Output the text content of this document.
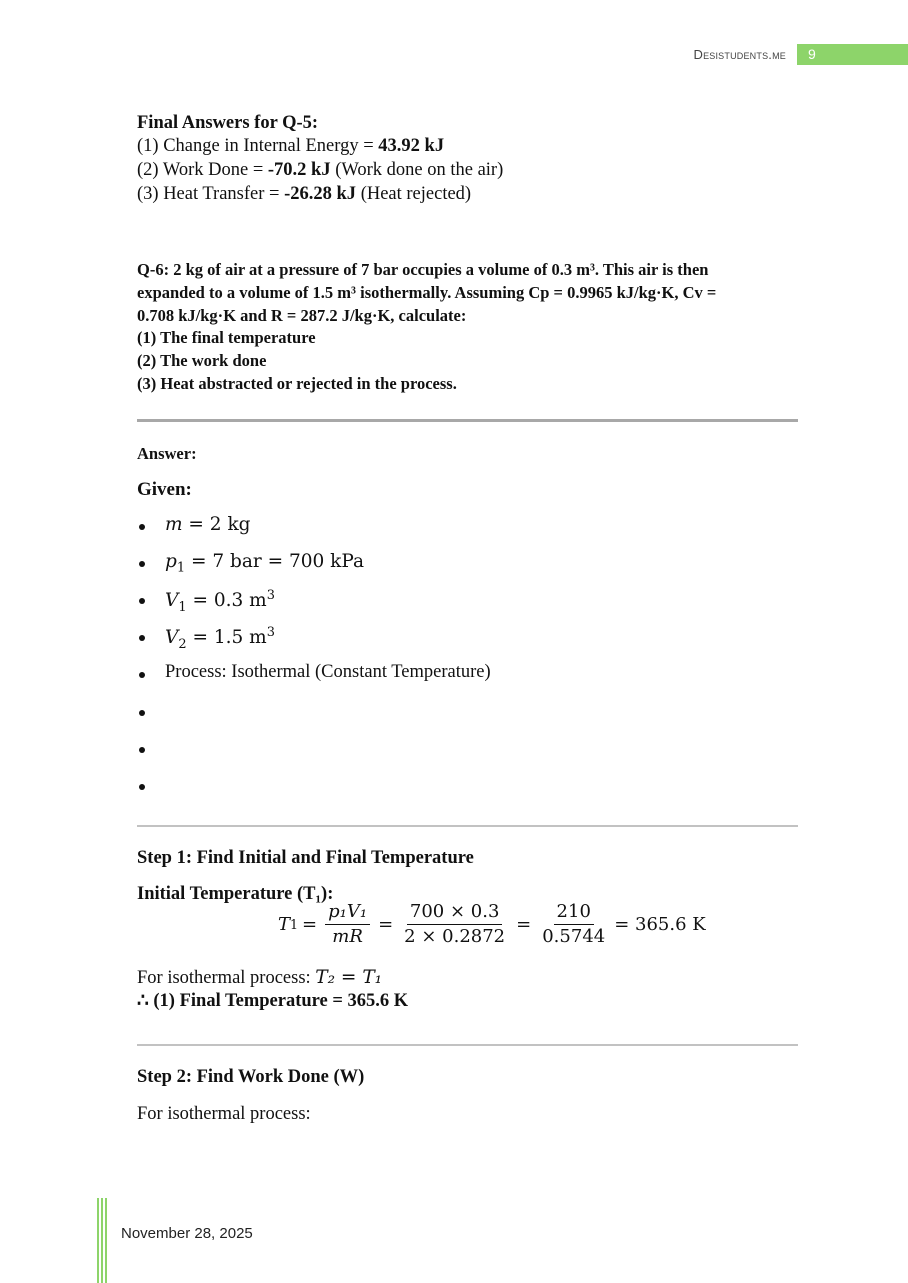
Desistudents.me 9
Final Answers for Q-5:
(1) Change in Internal Energy = 43.92 kJ
(2) Work Done = -70.2 kJ (Work done on the air)
(3) Heat Transfer = -26.28 kJ (Heat rejected)
Q-6: 2 kg of air at a pressure of 7 bar occupies a volume of 0.3 m³. This air is then
expanded to a volume of 1.5 m³ isothermally. Assuming Cp = 0.9965 kJ/kg·K, Cv =
0.708 kJ/kg·K and R = 287.2 J/kg·K, calculate:
(1) The final temperature
(2) The work done
(3) Heat abstracted or rejected in the process.
Answer:
Given:
m = 2 kg
$p_1 = 7$ bar = 700 kPa
$V_1 = 0.3$ $m^3$
$V_2 = 1.5$ $m^3$
Process: Isothermal (Constant Temperature)
Step 1: Find Initial and Final Temperature
Initial Temperature (T₁):
T $1 = \frac{\text{p₁V₁}}{mR} = \frac{700 \times 0.3}{2 \times 0.2872} = \frac{210}{0.5744} = 365.6$ K
For isothermal process: T₂ = T₁
∴ (1) Final Temperature = 365.6 K
Step 2: Find Work Done (W)
For isothermal process:
November 28, 2025
